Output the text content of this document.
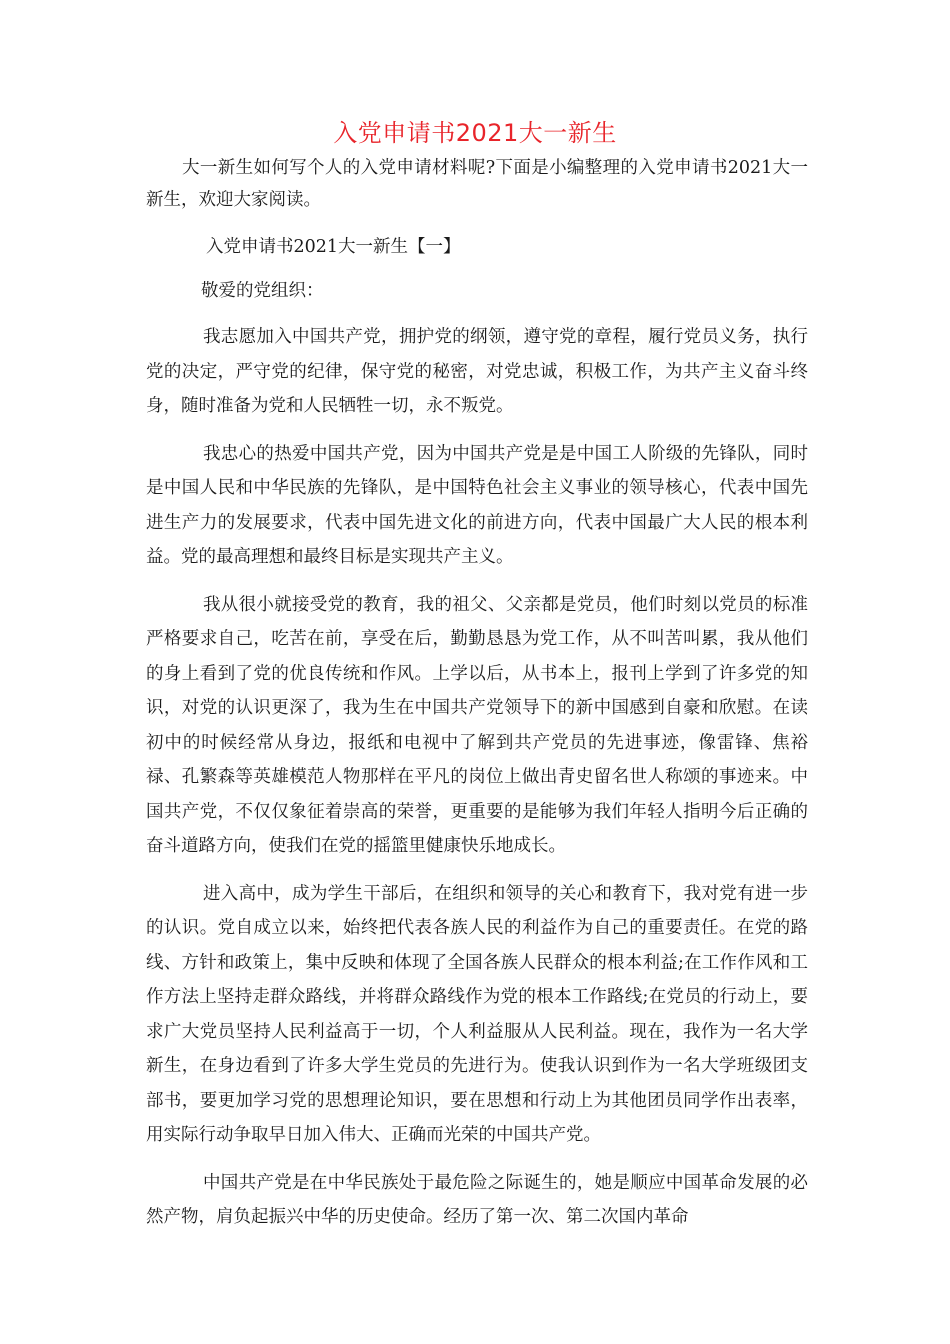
入党申请书2021大一新生

大一新生如何写个人的入党申请材料呢?下面是小编整理的入党申请书2021大一新生，欢迎大家阅读。

入党申请书2021大一新生【一】

敬爱的党组织：

我志愿加入中国共产党，拥护党的纲领，遵守党的章程，履行党员义务，执行党的决定，严守党的纪律，保守党的秘密，对党忠诚，积极工作，为共产主义奋斗终身，随时准备为党和人民牺牲一切，永不叛党。

我忠心的热爱中国共产党，因为中国共产党是是中国工人阶级的先锋队，同时是中国人民和中华民族的先锋队，是中国特色社会主义事业的领导核心，代表中国先进生产力的发展要求，代表中国先进文化的前进方向，代表中国最广大人民的根本利益。党的最高理想和最终目标是实现共产主义。

我从很小就接受党的教育，我的祖父、父亲都是党员，他们时刻以党员的标准严格要求自己，吃苦在前，享受在后，勤勤恳恳为党工作，从不叫苦叫累，我从他们的身上看到了党的优良传统和作风。上学以后，从书本上，报刊上学到了许多党的知识，对党的认识更深了，我为生在中国共产党领导下的新中国感到自豪和欣慰。在读初中的时候经常从身边，报纸和电视中了解到共产党员的先进事迹，像雷锋、焦裕禄、孔繁森等英雄模范人物那样在平凡的岗位上做出青史留名世人称颂的事迹来。中国共产党，不仅仅象征着崇高的荣誉，更重要的是能够为我们年轻人指明今后正确的奋斗道路方向，使我们在党的摇篮里健康快乐地成长。

进入高中，成为学生干部后，在组织和领导的关心和教育下，我对党有进一步的认识。党自成立以来，始终把代表各族人民的利益作为自己的重要责任。在党的路线、方针和政策上，集中反映和体现了全国各族人民群众的根本利益;在工作作风和工作方法上坚持走群众路线，并将群众路线作为党的根本工作路线;在党员的行动上，要求广大党员坚持人民利益高于一切，个人利益服从人民利益。现在，我作为一名大学新生，在身边看到了许多大学生党员的先进行为。使我认识到作为一名大学班级团支部书，要更加学习党的思想理论知识，要在思想和行动上为其他团员同学作出表率，用实际行动争取早日加入伟大、正确而光荣的中国共产党。

中国共产党是在中华民族处于最危险之际诞生的，她是顺应中国革命发展的必然产物，肩负起振兴中华的历史使命。经历了第一次、第二次国内革命
